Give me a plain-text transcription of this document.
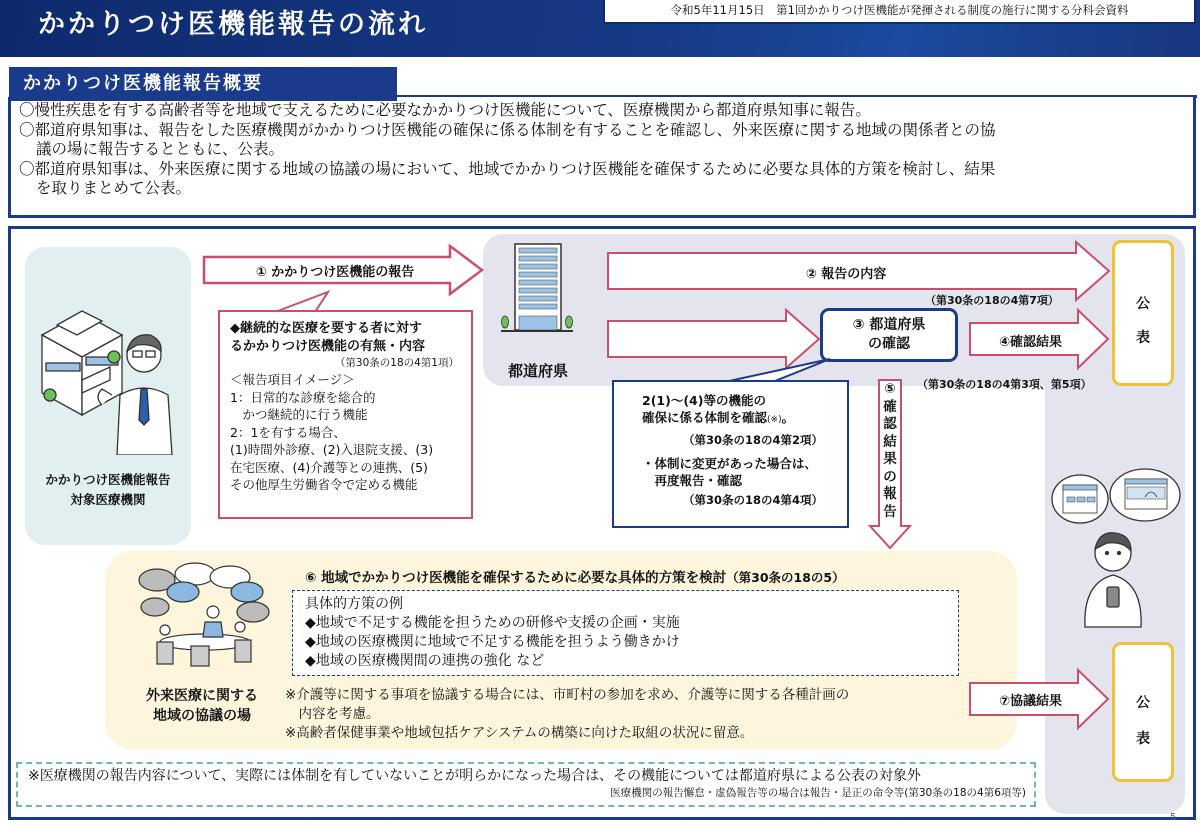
かかりつけ医機能報告の流れ	令和5年11月15日　第1回かかりつけ医機能が発揮される制度の施行に関する分科会資料
〇慢性疾患を有する高齢者等を地域で支えるために必要なかかりつけ医機能について、医療機関から都道府県知事に報告。
〇都道府県知事は、報告をした医療機関がかかりつけ医機能の確保に係る体制を有することを確認し、外来医療に関する地域の関係者との協
議の場に報告するとともに、公表。
〇都道府県知事は、外来医療に関する地域の協議の場において、地域でかかりつけ医機能を確保するために必要な具体的方策を検討し、結果
を取りまとめて公表。
かかりつけ医機能報告概要
かかりつけ医機能報告
対象医療機関
① かかりつけ医機能の報告
◆継続的な医療を要する者に対す
るかかりつけ医機能の有無・内容
（第30条の18の4第1項）
＜報告項目イメージ＞
1：日常的な診療を総合的
　かつ継続的に行う機能
2：1を有する場合、
(1)時間外診療、(2)入退院支援、(3)
在宅医療、(4)介護等との連携、(5)
その他厚生労働省令で定める機能
都道府県
② 報告の内容
（第30条の18の4第7項）
③ 都道府県
の確認	④確認結果
（第30条の18の4第3項、第5項）
公
表
2(1)～(4)等の機能の
確保に係る体制を確認(※)。
（第30条の18の4第2項）
・体制に変更があった場合は、
　再度報告・確認
（第30条の18の4第4項）
⑤
確
認
結
果
の
報
告
⑥ 地域でかかりつけ医機能を確保するために必要な具体的方策を検討（第30条の18の5）
具体的方策の例
◆地域で不足する機能を担うための研修や支援の企画・実施
◆地域の医療機関に地域で不足する機能を担うよう働きかけ
◆地域の医療機関間の連携の強化 など
外来医療に関する
地域の協議の場
※介護等に関する事項を協議する場合には、市町村の参加を求め、介護等に関する各種計画の
　内容を考慮。
※高齢者保健事業や地域包括ケアシステムの構築に向けた取組の状況に留意。
⑦協議結果	公
表
※医療機関の報告内容について、実際には体制を有していないことが明らかになった場合は、その機能については都道府県による公表の対象外
医療機関の報告懈怠・虚偽報告等の場合は報告・是正の命令等(第30条の18の4第6項等)
5
